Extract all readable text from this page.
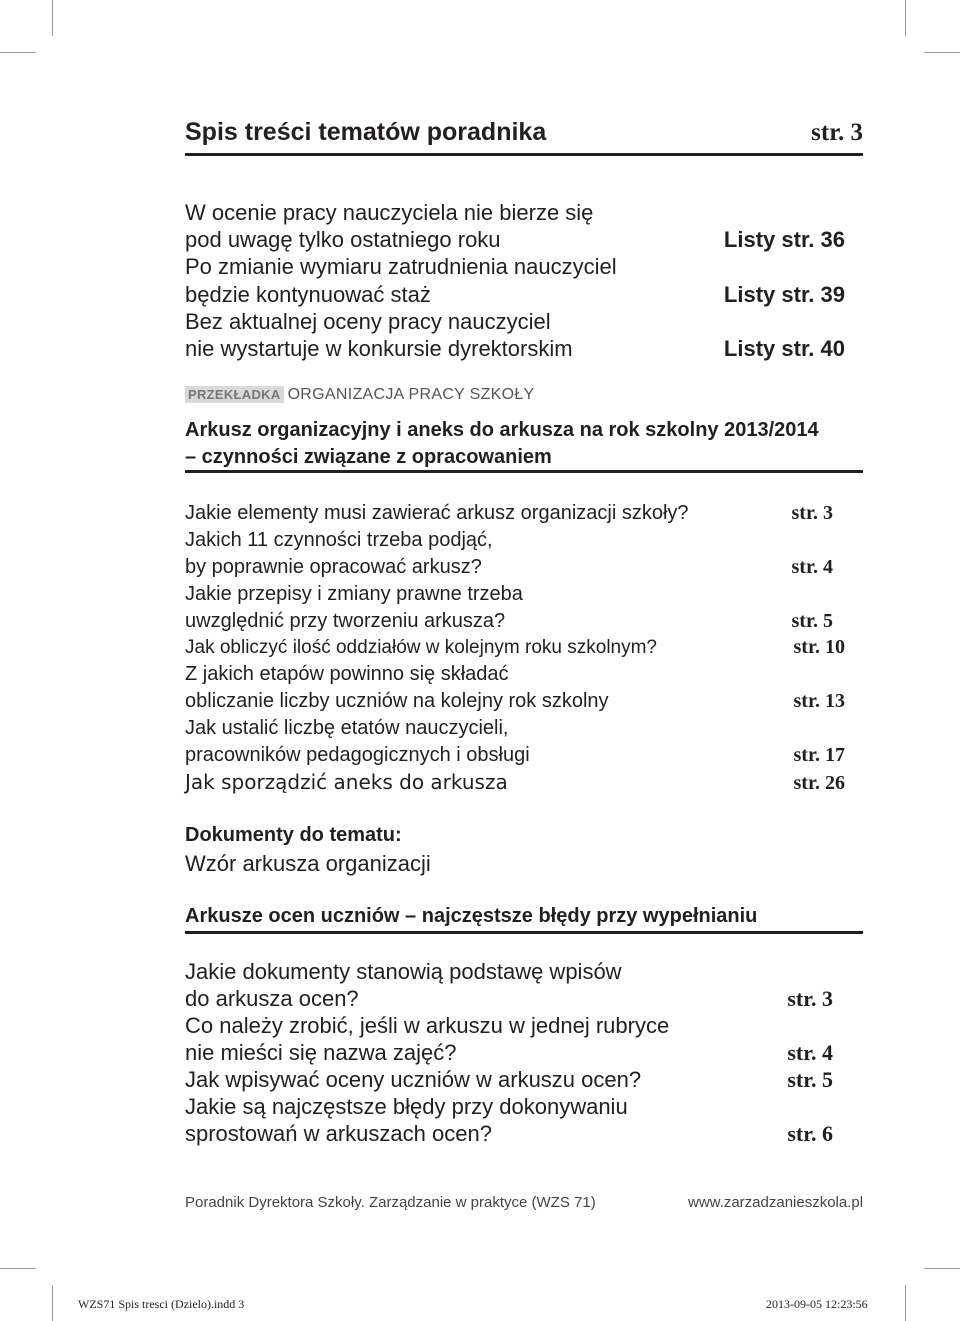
Spis treści tematów poradnika	str. 3
W ocenie pracy nauczyciela nie bierze się
pod uwagę tylko ostatniego roku	Listy str. 36
Po zmianie wymiaru zatrudnienia nauczyciel
będzie kontynuować staż	Listy str. 39
Bez aktualnej oceny pracy nauczyciel
nie wystartuje w konkursie dyrektorskim	Listy str. 40
PRZEKŁADKA ORGANIZACJA PRACY SZKOŁY
Arkusz organizacyjny i aneks do arkusza na rok szkolny 2013/2014
– czynności związane z opracowaniem
Jakie elementy musi zawierać arkusz organizacji szkoły?	str. 3
Jakich 11 czynności trzeba podjąć,
by poprawnie opracować arkusz?	str. 4
Jakie przepisy i zmiany prawne trzeba
uwzględnić przy tworzeniu arkusza?	str. 5
Jak obliczyć ilość oddziałów w kolejnym roku szkolnym?	str. 10
Z jakich etapów powinno się składać
obliczanie liczby uczniów na kolejny rok szkolny	str. 13
Jak ustalić liczbę etatów nauczycieli,
pracowników pedagogicznych i obsługi	str. 17
Jak sporządzić aneks do arkusza	str. 26
Dokumenty do tematu:
Wzór arkusza organizacji
Arkusze ocen uczniów – najczęstsze błędy przy wypełnianiu
Jakie dokumenty stanowią podstawę wpisów
do arkusza ocen?	str. 3
Co należy zrobić, jeśli w arkuszu w jednej rubryce
nie mieści się nazwa zajęć?	str. 4
Jak wpisywać oceny uczniów w arkuszu ocen?	str. 5
Jakie są najczęstsze błędy przy dokonywaniu
sprostowań w arkuszach ocen?	str. 6
Poradnik Dyrektora Szkoły. Zarządzanie w praktyce (WZS 71)	www.zarzadzanieszkola.pl
WZS71 Spis tresci (Dzielo).indd 3	2013-09-05 12:23:56
